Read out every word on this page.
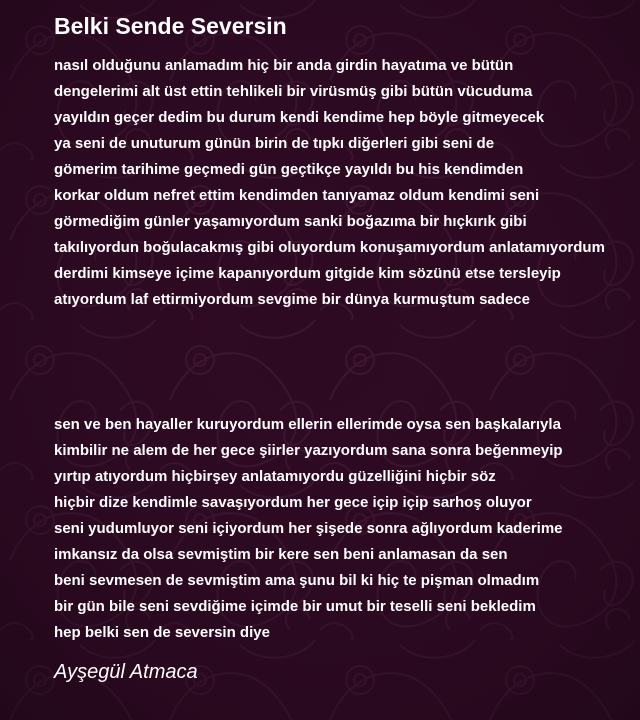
Belki Sende Seversin
nasıl olduğunu anlamadım hiç bir anda girdin hayatıma ve bütün
dengelerimi alt üst ettin tehlikeli bir virüsmüş gibi bütün vücuduma
yayıldın geçer dedim bu durum kendi kendime hep böyle gitmeyecek
ya seni de unuturum günün birin de tıpkı diğerleri gibi seni de
gömerim tarihime geçmedi gün geçtikçe yayıldı bu his kendimden
korkar oldum nefret ettim kendimden tanıyamaz oldum kendimi seni
görmediğim günler yaşamıyordum sanki boğazıma bir hıçkırık gibi
takılıyordun boğulacakmış gibi oluyordum konuşamıyordum anlatamıyordum
derdimi kimseye içime kapanıyordum gitgide kim sözünü etse tersleyip
atıyordum laf ettirmiyordum sevgime bir dünya kurmuştum sadece
sen ve ben hayaller kuruyordum ellerin ellerimde oysa sen başkalarıyla
kimbilir ne alem de her gece şiirler yazıyordum sana sonra beğenmeyip
yırtıp atıyordum hiçbirşey anlatamıyordu güzelliğini hiçbir söz
hiçbir dize kendimle savaşıyordum her gece içip içip sarhoş oluyor
seni yudumluyor seni içiyordum her şişede sonra ağlıyordum kaderime
imkansız da olsa sevmiştim bir kere sen beni anlamasan da sen
beni sevmesen de sevmiştim ama şunu bil ki hiç te pişman olmadım
bir gün bile seni sevdiğime içimde bir umut bir teselli seni bekledim
hep belki sen de seversin diye

Ayşegül Atmaca
